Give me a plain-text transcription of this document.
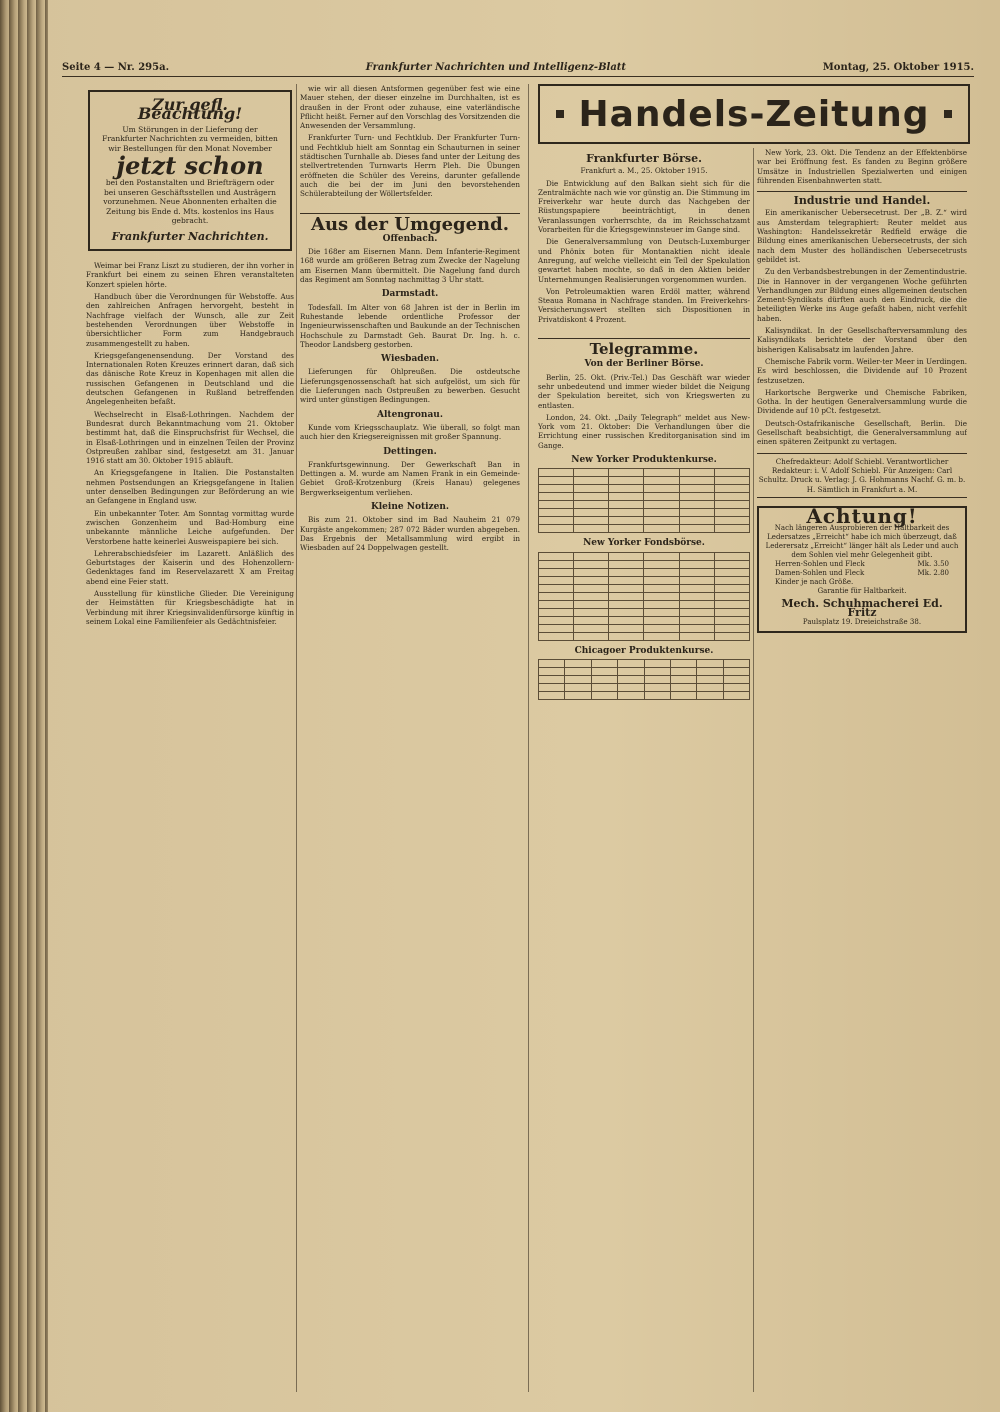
Seite 4 — Nr. 295a.	Frankfurter Nachrichten und Intelligenz-Blatt	Montag, 25. Oktober 1915.
Zur gefl. Beachtung!
Um Störungen in der Lieferung der Frankfurter Nachrichten zu vermeiden, bitten wir Bestellungen für den Monat November
jetzt schon
bei den Postanstalten und Briefträgern oder bei unseren Geschäftsstellen und Austrägern vorzunehmen. Neue Abonnenten erhalten die Zeitung bis Ende d. Mts. kostenlos ins Haus gebracht.
Frankfurter Nachrichten.

Weimar bei Franz Liszt zu studieren, der ihn vorher in Frankfurt bei einem zu seinen Ehren veranstalteten Konzert spielen hörte.

Handbuch über die Verordnungen für Webstoffe. Aus den zahlreichen Anfragen hervorgeht, besteht in Nachfrage vielfach der Wunsch, alle zur Zeit bestehenden Verordnungen über Webstoffe in übersichtlicher Form zum Handgebrauch zusammengestellt zu haben.

Kriegsgefangenensendung. Der Vorstand des Internationalen Roten Kreuzes erinnert daran, daß sich das dänische Rote Kreuz in Kopenhagen mit allen die russischen Gefangenen in Deutschland und die deutschen Gefangenen in Rußland betreffenden Angelegenheiten befaßt.

Wechselrecht in Elsaß-Lothringen. Nachdem der Bundesrat durch Bekanntmachung vom 21. Oktober bestimmt hat, daß die Einspruchsfrist für Wechsel, die in Elsaß-Lothringen und in einzelnen Teilen der Provinz Ostpreußen zahlbar sind, festgesetzt am 31. Januar 1916 statt am 30. Oktober 1915 abläuft.

An Kriegsgefangene in Italien. Die Postanstalten nehmen Postsendungen an Kriegsgefangene in Italien unter denselben Bedingungen zur Beförderung an wie an Gefangene in England usw.

Ein unbekannter Toter. Am Sonntag vormittag wurde zwischen Gonzenheim und Bad-Homburg eine unbekannte männliche Leiche aufgefunden. Der Verstorbene hatte keinerlei Ausweispapiere bei sich.

Lehrerabschiedsfeier im Lazarett. Anläßlich des Geburtstages der Kaiserin und des Hohenzollern-Gedenktages fand im Reservelazarett X am Freitag abend eine Feier statt.

Ausstellung für künstliche Glieder. Die Vereinigung der Heimstätten für Kriegsbeschädigte hat in Verbindung mit ihrer Kriegsinvalidenfürsorge künftig in seinem Lokal eine Familienfeier als Gedächtnisfeier.

wie wir all diesen Antsformen gegenüber fest wie eine Mauer stehen, der dieser einzelne im Durchhalten, ist es draußen in der Front oder zuhause, eine vaterländische Pflicht heißt. Ferner auf den Vorschlag des Vorsitzenden die Anwesenden der Versammlung.

Frankfurter Turn- und Fechtklub. Der Frankfurter Turn- und Fechtklub hielt am Sonntag ein Schauturnen in seiner städtischen Turnhalle ab. Dieses fand unter der Leitung des stellvertretenden Turnwarts Herrn Pleh. Die Übungen eröffneten die Schüler des Vereins, darunter gefallende auch die bei der im Juni den bevorstehenden Schülerabteilung der Wöllertsfelder.

Aus der Umgegend.
Offenbach.

Die 168er am Eisernen Mann. Dem Infanterie-Regiment 168 wurde am größeren Betrag zum Zwecke der Nagelung am Eisernen Mann übermittelt. Die Nagelung fand durch das Regiment am Sonntag nachmittag 3 Uhr statt.

Darmstadt.

Todesfall. Im Alter von 68 Jahren ist der in Berlin im Ruhestande lebende ordentliche Professor der Ingenieurwissenschaften und Baukunde an der Technischen Hochschule zu Darmstadt Geh. Baurat Dr. Ing. h. c. Theodor Landsberg gestorben.

Wiesbaden.

Lieferungen für Ohlpreußen. Die ostdeutsche Lieferungsgenossenschaft hat sich aufgelöst, um sich für die Lieferungen nach Ostpreußen zu bewerben. Gesucht wird unter günstigen Bedingungen.

Altengronau.

Kunde vom Kriegsschauplatz. Wie überall, so folgt man auch hier den Kriegsereignissen mit großer Spannung.

Dettingen.

Frankfurtsgewinnung. Der Gewerkschaft Ban in Dettingen a. M. wurde am Namen Frank in ein Gemeinde-Gebiet Groß-Krotzenburg (Kreis Hanau) gelegenes Bergwerkseigentum verliehen.

Kleine Notizen.

Bis zum 21. Oktober sind im Bad Nauheim 21 079 Kurgäste angekommen; 287 072 Bäder wurden abgegeben. Das Ergebnis der Metallsammlung wird ergibt in Wiesbaden auf 24 Doppelwagen gestellt.

Handels-Zeitung
Frankfurter Börse.
Frankfurt a. M., 25. Oktober 1915.

Die Entwicklung auf den Balkan sieht sich für die Zentralmächte nach wie vor günstig an. Die Stimmung im Freiverkehr war heute durch das Nachgeben der Rüstungspapiere beeinträchtigt, in denen Veranlassungen vorherrschte, da im Reichsschatzamt Vorarbeiten für die Kriegsgewinnsteuer im Gange sind.

Die Generalversammlung von Deutsch-Luxemburger und Phönix boten für Montanaktien nicht ideale Anregung, auf welche vielleicht ein Teil der Spekulation gewartet haben mochte, so daß in den Aktien beider Unternehmungen Realisierungen vorgenommen wurden.

Von Petroleumaktien waren Erdöl matter, während Steaua Romana in Nachfrage standen. Im Freiverkehrs-Versicherungswert stellten sich Dispositionen in Privatdiskont 4 Prozent.

Telegramme.
Von der Berliner Börse.

Berlin, 25. Okt. (Priv.-Tel.) Das Geschäft war wieder sehr unbedeutend und immer wieder bildet die Neigung der Spekulation bereitet, sich von Kriegswerten zu entlasten.

London, 24. Okt. „Daily Telegraph“ meldet aus New-York vom 21. Oktober: Die Verhandlungen über die Errichtung einer russischen Kreditorganisation sind im Gange.

New Yorker Produktenkurse.

New Yorker Fondsbörse.

Chicagoer Produktenkurse.

New York, 23. Okt. Die Tendenz an der Effektenbörse war bei Eröffnung fest. Es fanden zu Beginn größere Umsätze in Industriellen Spezialwerten und einigen führenden Eisenbahnwerten statt.

Industrie und Handel.

Ein amerikanischer Uebersecetrust. Der „B. Z.“ wird aus Amsterdam telegraphiert: Reuter meldet aus Washington: Handelssekretär Redfield erwäge die Bildung eines amerikanischen Uebersecetrusts, der sich nach dem Muster des holländischen Uebersecetrusts gebildet ist.

Zu den Verbandsbestrebungen in der Zementindustrie. Die in Hannover in der vergangenen Woche geführten Verhandlungen zur Bildung eines allgemeinen deutschen Zement-Syndikats dürften auch den Eindruck, die die beteiligten Werke ins Auge gefaßt haben, nicht verfehlt haben.

Kalisyndikat. In der Gesellschafterversammlung des Kalisyndikats berichtete der Vorstand über den bisherigen Kalisabsatz im laufenden Jahre.

Chemische Fabrik vorm. Weiler-ter Meer in Uerdingen. Es wird beschlossen, die Dividende auf 10 Prozent festzusetzen.

Harkortsche Bergwerke und Chemische Fabriken, Gotha. In der heutigen Generalversammlung wurde die Dividende auf 10 pCt. festgesetzt.

Deutsch-Ostafrikanische Gesellschaft, Berlin. Die Gesellschaft beabsichtigt, die Generalversammlung auf einen späteren Zeitpunkt zu vertagen.

Chefredakteur: Adolf Schiebl. Verantwortlicher Redakteur: i. V. Adolf Schiebl. Für Anzeigen: Carl Schultz. Druck u. Verlag: J. G. Hohmanns Nachf. G. m. b. H. Sämtlich in Frankfurt a. M.
Achtung!
Nach längeren Ausprobieren der Haltbarkeit des Ledersatzes „Erreicht“ habe ich mich überzeugt, daß Lederersatz „Erreicht“ länger hält als Leder und auch dem Sohlen viel mehr Gelegenheit gibt.
Herren-Sohlen und Fleck	Mk. 3.50
Damen-Sohlen und Fleck	Mk. 2.80
Kinder je nach Größe.
Garantie für Haltbarkeit.
Mech. Schuhmacherei Ed. Fritz
Paulsplatz 19. Dreieichstraße 38.
